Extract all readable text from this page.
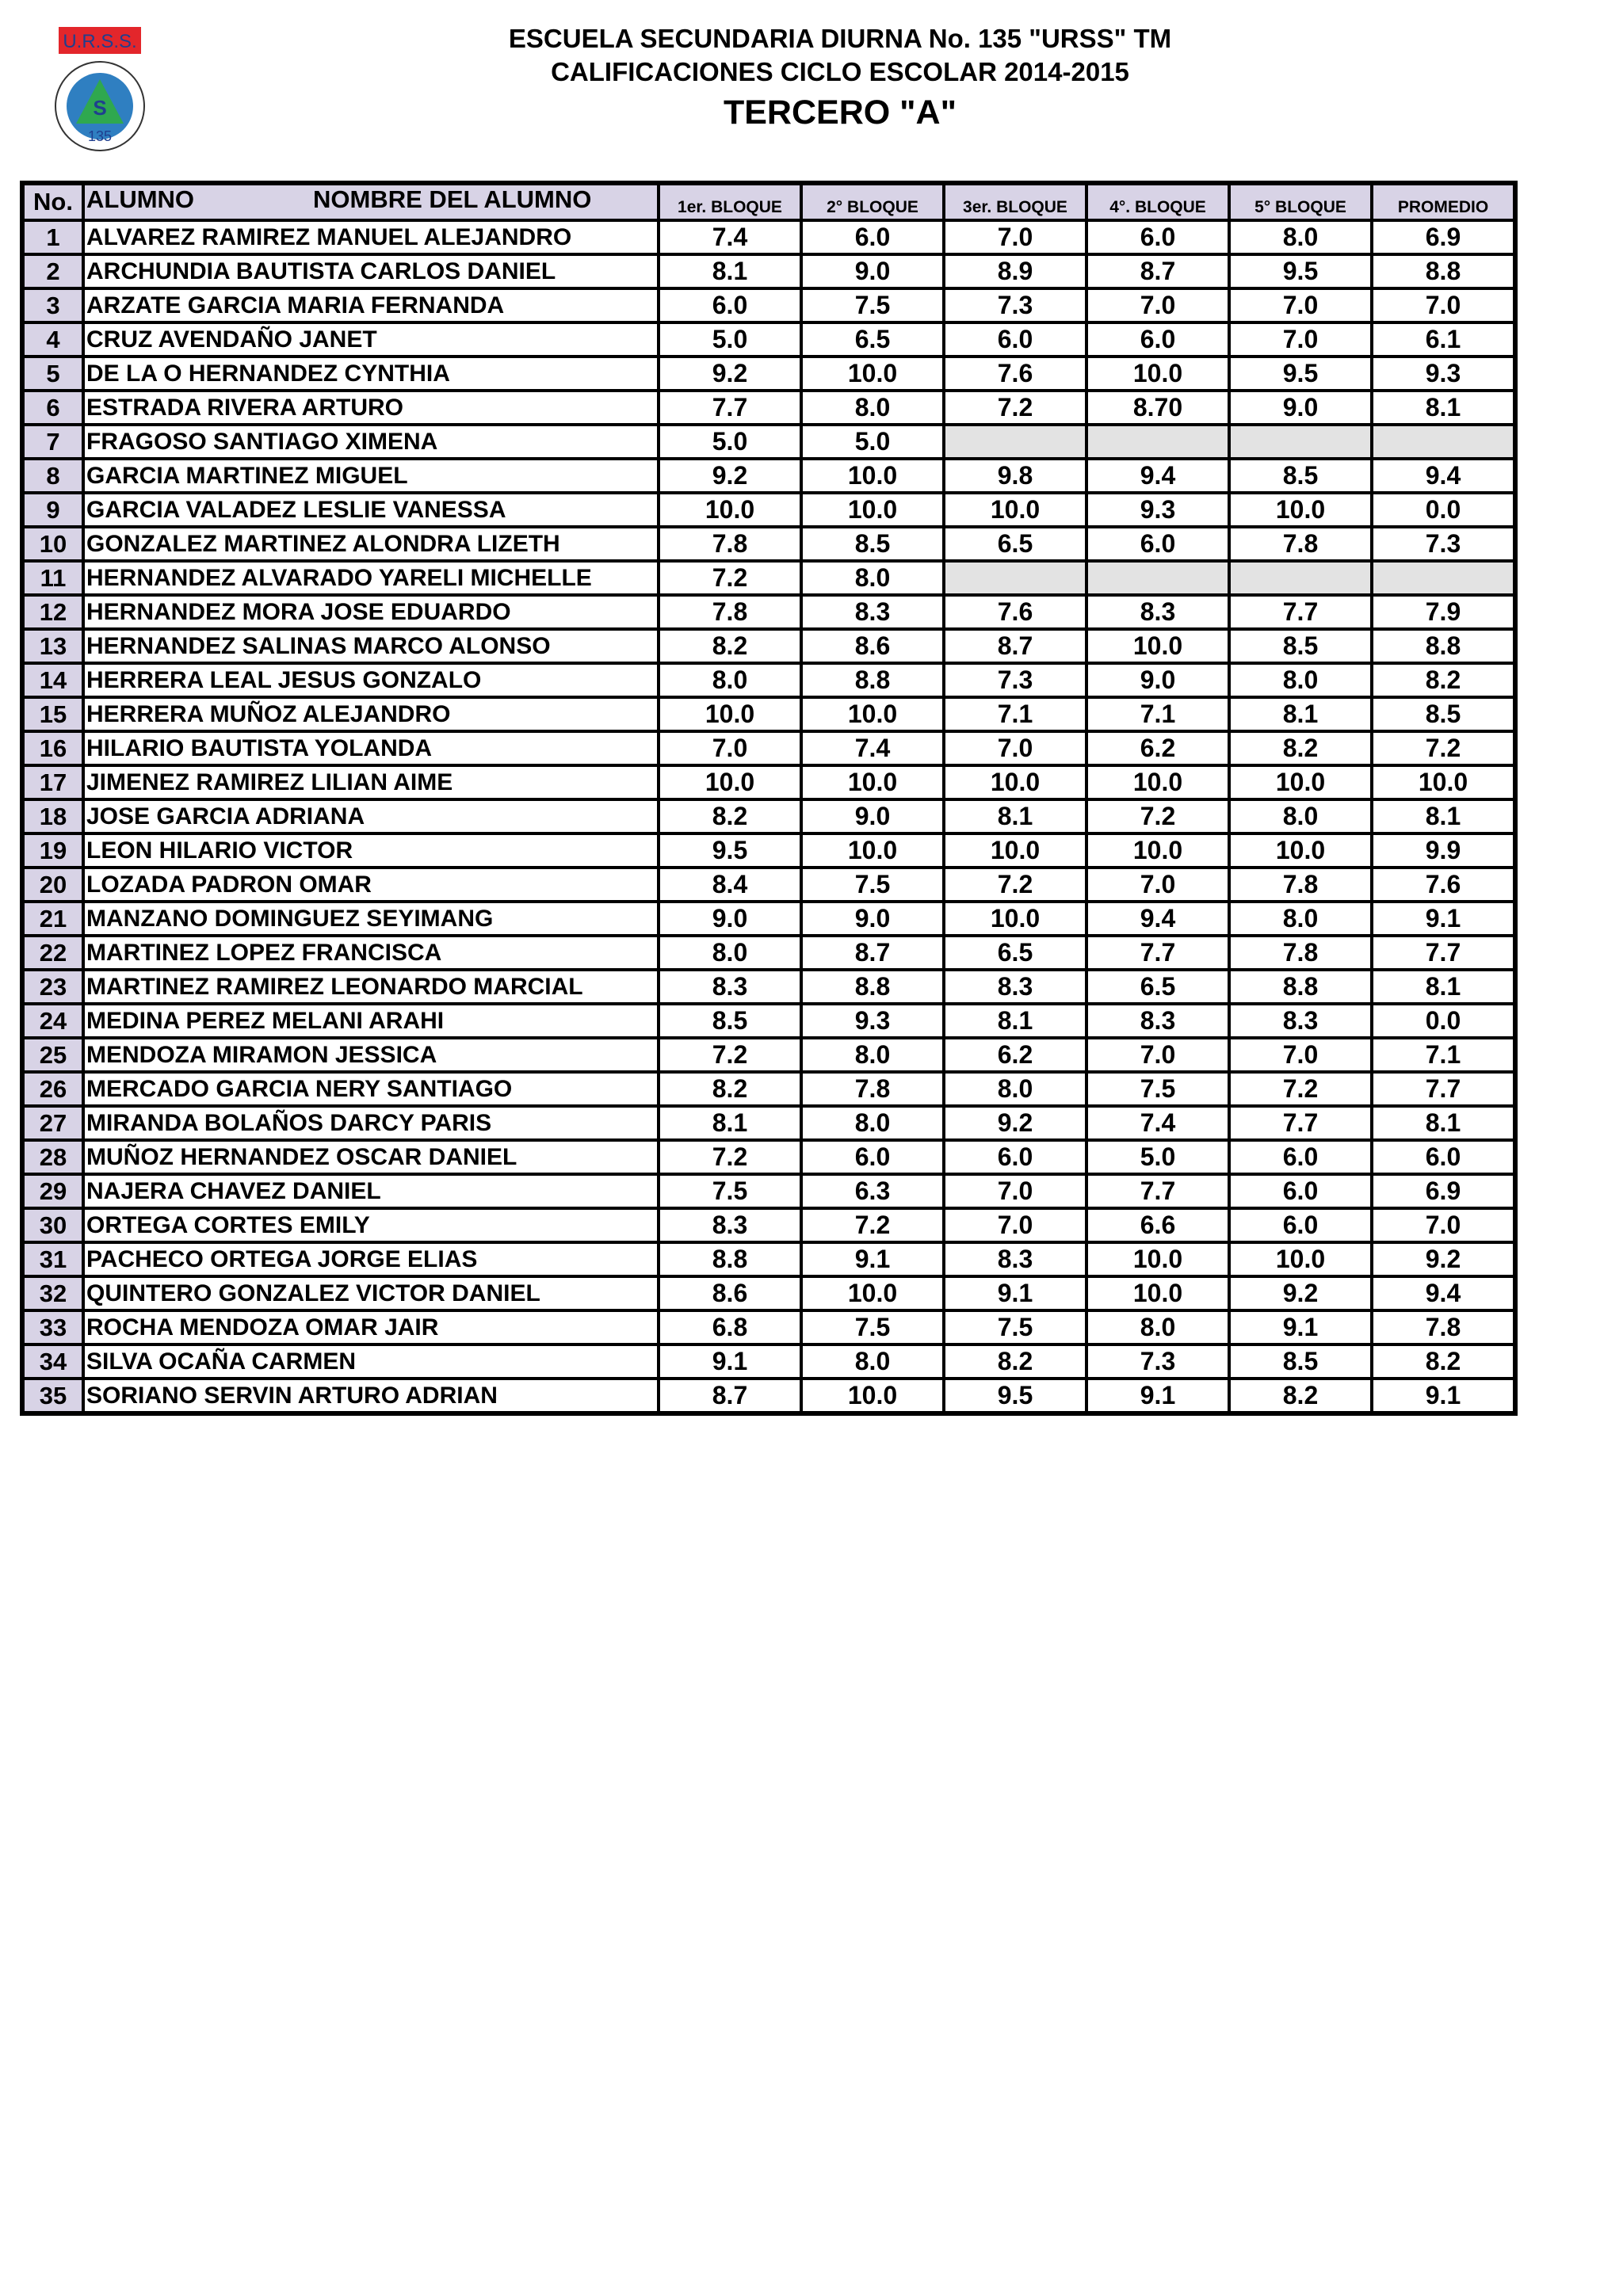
U.R.S.S.
S
135
ESCUELA SECUNDARIA DIURNA No. 135 "URSS" TM
CALIFICACIONES CICLO ESCOLAR 2014-2015
TERCERO "A"
No.	ALUMNO NOMBRE DEL ALUMNO	1er. BLOQUE	2° BLOQUE	3er. BLOQUE	4°. BLOQUE	5° BLOQUE	PROMEDIO
1	ALVAREZ RAMIREZ MANUEL ALEJANDRO	7.4	6.0	7.0	6.0	8.0	6.9
2	ARCHUNDIA BAUTISTA CARLOS DANIEL	8.1	9.0	8.9	8.7	9.5	8.8
3	ARZATE GARCIA MARIA FERNANDA	6.0	7.5	7.3	7.0	7.0	7.0
4	CRUZ AVENDAÑO JANET	5.0	6.5	6.0	6.0	7.0	6.1
5	DE LA O HERNANDEZ CYNTHIA	9.2	10.0	7.6	10.0	9.5	9.3
6	ESTRADA RIVERA ARTURO	7.7	8.0	7.2	8.70	9.0	8.1
7	FRAGOSO SANTIAGO XIMENA	5.0	5.0				
8	GARCIA MARTINEZ MIGUEL	9.2	10.0	9.8	9.4	8.5	9.4
9	GARCIA VALADEZ LESLIE VANESSA	10.0	10.0	10.0	9.3	10.0	0.0
10	GONZALEZ MARTINEZ ALONDRA LIZETH	7.8	8.5	6.5	6.0	7.8	7.3
11	HERNANDEZ ALVARADO YARELI MICHELLE	7.2	8.0				
12	HERNANDEZ MORA JOSE EDUARDO	7.8	8.3	7.6	8.3	7.7	7.9
13	HERNANDEZ SALINAS MARCO ALONSO	8.2	8.6	8.7	10.0	8.5	8.8
14	HERRERA LEAL JESUS GONZALO	8.0	8.8	7.3	9.0	8.0	8.2
15	HERRERA MUÑOZ ALEJANDRO	10.0	10.0	7.1	7.1	8.1	8.5
16	HILARIO BAUTISTA YOLANDA	7.0	7.4	7.0	6.2	8.2	7.2
17	JIMENEZ RAMIREZ LILIAN AIME	10.0	10.0	10.0	10.0	10.0	10.0
18	JOSE GARCIA ADRIANA	8.2	9.0	8.1	7.2	8.0	8.1
19	LEON HILARIO VICTOR	9.5	10.0	10.0	10.0	10.0	9.9
20	LOZADA PADRON OMAR	8.4	7.5	7.2	7.0	7.8	7.6
21	MANZANO DOMINGUEZ SEYIMANG	9.0	9.0	10.0	9.4	8.0	9.1
22	MARTINEZ LOPEZ FRANCISCA	8.0	8.7	6.5	7.7	7.8	7.7
23	MARTINEZ RAMIREZ LEONARDO MARCIAL	8.3	8.8	8.3	6.5	8.8	8.1
24	MEDINA PEREZ MELANI ARAHI	8.5	9.3	8.1	8.3	8.3	0.0
25	MENDOZA MIRAMON JESSICA	7.2	8.0	6.2	7.0	7.0	7.1
26	MERCADO GARCIA NERY SANTIAGO	8.2	7.8	8.0	7.5	7.2	7.7
27	MIRANDA BOLAÑOS DARCY PARIS	8.1	8.0	9.2	7.4	7.7	8.1
28	MUÑOZ HERNANDEZ OSCAR DANIEL	7.2	6.0	6.0	5.0	6.0	6.0
29	NAJERA CHAVEZ DANIEL	7.5	6.3	7.0	7.7	6.0	6.9
30	ORTEGA CORTES EMILY	8.3	7.2	7.0	6.6	6.0	7.0
31	PACHECO ORTEGA JORGE ELIAS	8.8	9.1	8.3	10.0	10.0	9.2
32	QUINTERO GONZALEZ VICTOR DANIEL	8.6	10.0	9.1	10.0	9.2	9.4
33	ROCHA MENDOZA OMAR JAIR	6.8	7.5	7.5	8.0	9.1	7.8
34	SILVA OCAÑA CARMEN	9.1	8.0	8.2	7.3	8.5	8.2
35	SORIANO SERVIN ARTURO ADRIAN	8.7	10.0	9.5	9.1	8.2	9.1
